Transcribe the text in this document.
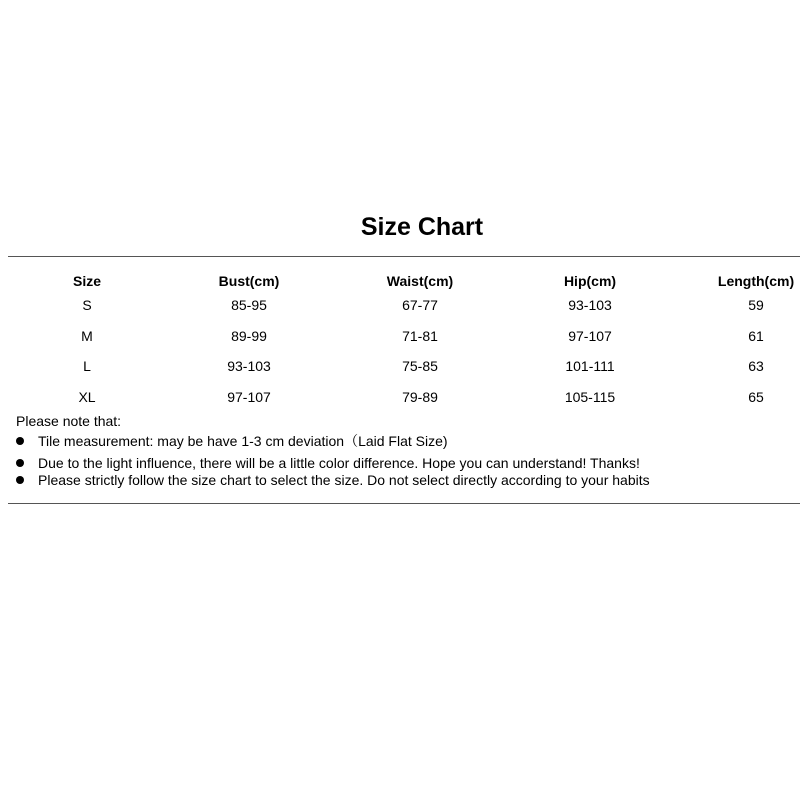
Size Chart
Size	Bust(cm)	Waist(cm)	Hip(cm)	Length(cm)
S	85-95	67-77	93-103	59
M	89-99	71-81	97-107	61
L	93-103	75-85	101-111	63
XL	97-107	79-89	105-115	65
Please note that:
Tile measurement: may be have 1-3 cm deviation（Laid Flat Size)
Due to the light influence, there will be a little color difference. Hope you can understand! Thanks!
Please strictly follow the size chart to select the size. Do not select directly according to your habits
